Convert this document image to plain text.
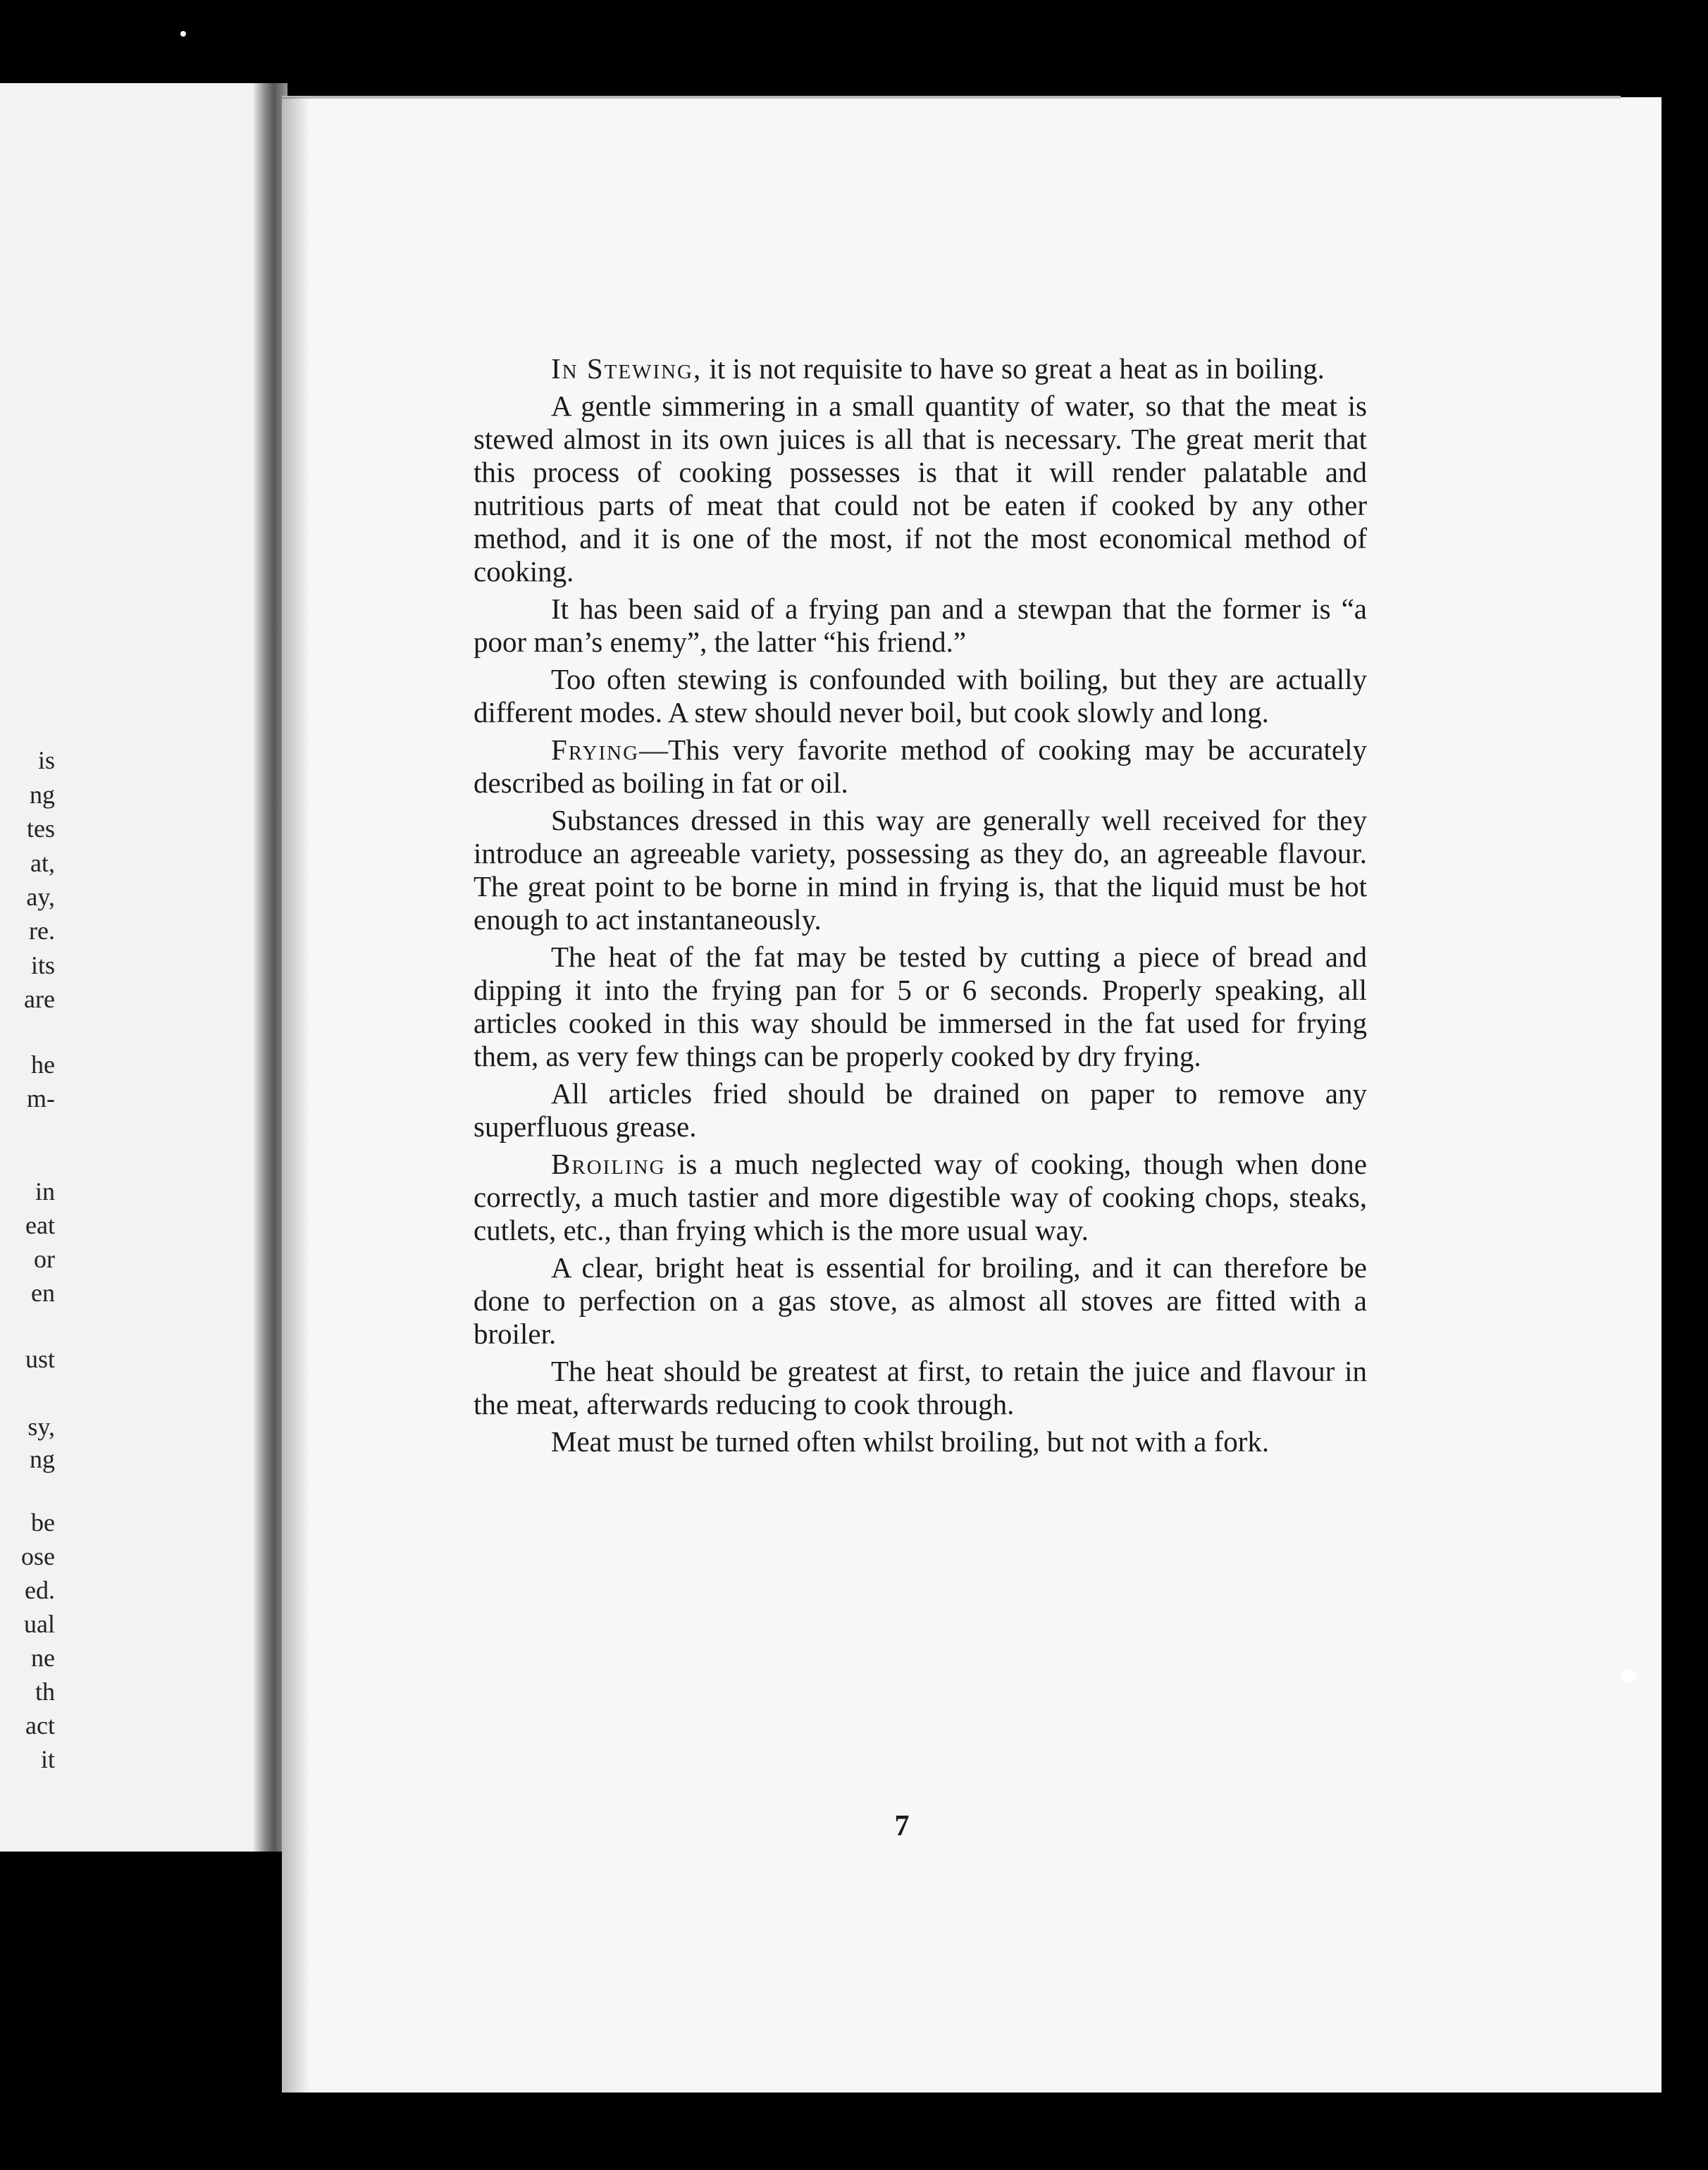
is
ng
tes
at,
ay,
re.
its
are
he
m-
in
eat
or
en
ust
sy,
ng
be
ose
ed.
ual
ne
th
act
it

In Stewing, it is not requisite to have so great a heat as in boiling.

A gentle simmering in a small quantity of water, so that the meat is stewed almost in its own juices is all that is necessary. The great merit that this process of cooking possesses is that it will render palatable and nutritious parts of meat that could not be eaten if cooked by any other method, and it is one of the most, if not the most economical method of cooking.

It has been said of a frying pan and a stewpan that the former is “a poor man’s enemy”, the latter “his friend.”

Too often stewing is confounded with boiling, but they are actually different modes. A stew should never boil, but cook slowly and long.

Frying—This very favorite method of cooking may be accurately described as boiling in fat or oil.

Substances dressed in this way are generally well received for they introduce an agreeable variety, possessing as they do, an agreeable flavour. The great point to be borne in mind in frying is, that the liquid must be hot enough to act instantaneously.

The heat of the fat may be tested by cutting a piece of bread and dipping it into the frying pan for 5 or 6 seconds. Properly speaking, all articles cooked in this way should be immersed in the fat used for frying them, as very few things can be properly cooked by dry frying.

All articles fried should be drained on paper to remove any superfluous grease.

Broiling is a much neglected way of cooking, though when done correctly, a much tastier and more digestible way of cooking chops, steaks, cutlets, etc., than frying which is the more usual way.

A clear, bright heat is essential for broiling, and it can therefore be done to perfection on a gas stove, as almost all stoves are fitted with a broiler.

The heat should be greatest at first, to retain the juice and flavour in the meat, afterwards reducing to cook through.

Meat must be turned often whilst broiling, but not with a fork.

7
